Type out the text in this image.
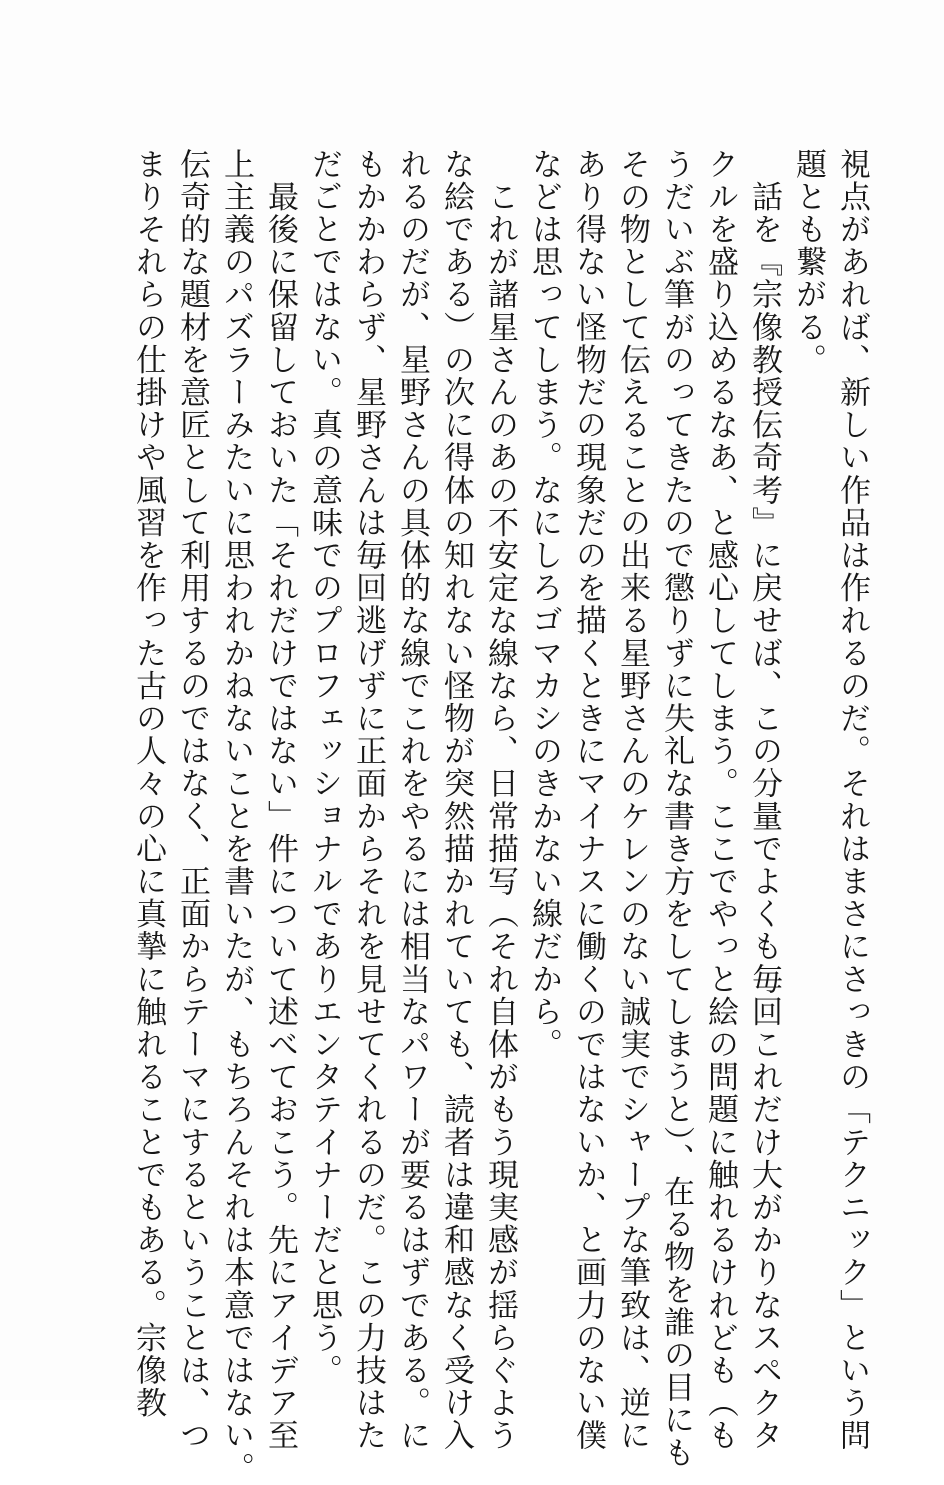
視点があれば、新しい作品は作れるのだ。それはまさにさっきの「テクニック」という問

題とも繋がる。

　話を『宗像教授伝奇考』に戻せば、この分量でよくも毎回これだけ大がかりなスペクタ

クルを盛り込めるなあ、と感心してしまう。ここでやっと絵の問題に触れるけれども（も

うだいぶ筆がのってきたので懲りずに失礼な書き方をしてしまうと）、在る物を誰の目にも

その物として伝えることの出来る星野さんのケレンのない誠実でシャープな筆致は、逆に

あり得ない怪物だの現象だのを描くときにマイナスに働くのではないか、と画力のない僕

などは思ってしまう。なにしろゴマカシのきかない線だから。

　これが諸星さんのあの不安定な線なら、日常描写（それ自体がもう現実感が揺らぐよう

な絵である）の次に得体の知れない怪物が突然描かれていても、読者は違和感なく受け入

れるのだが、星野さんの具体的な線でこれをやるには相当なパワーが要るはずである。に

もかかわらず、星野さんは毎回逃げずに正面からそれを見せてくれるのだ。この力技はた

だごとではない。真の意味でのプロフェッショナルでありエンタテイナーだと思う。

　最後に保留しておいた「それだけではない」件について述べておこう。先にアイデア至

上主義のパズラーみたいに思われかねないことを書いたが、もちろんそれは本意ではない。

伝奇的な題材を意匠として利用するのではなく、正面からテーマにするということは、つ

まりそれらの仕掛けや風習を作った古の人々の心に真摯に触れることでもある。宗像教
